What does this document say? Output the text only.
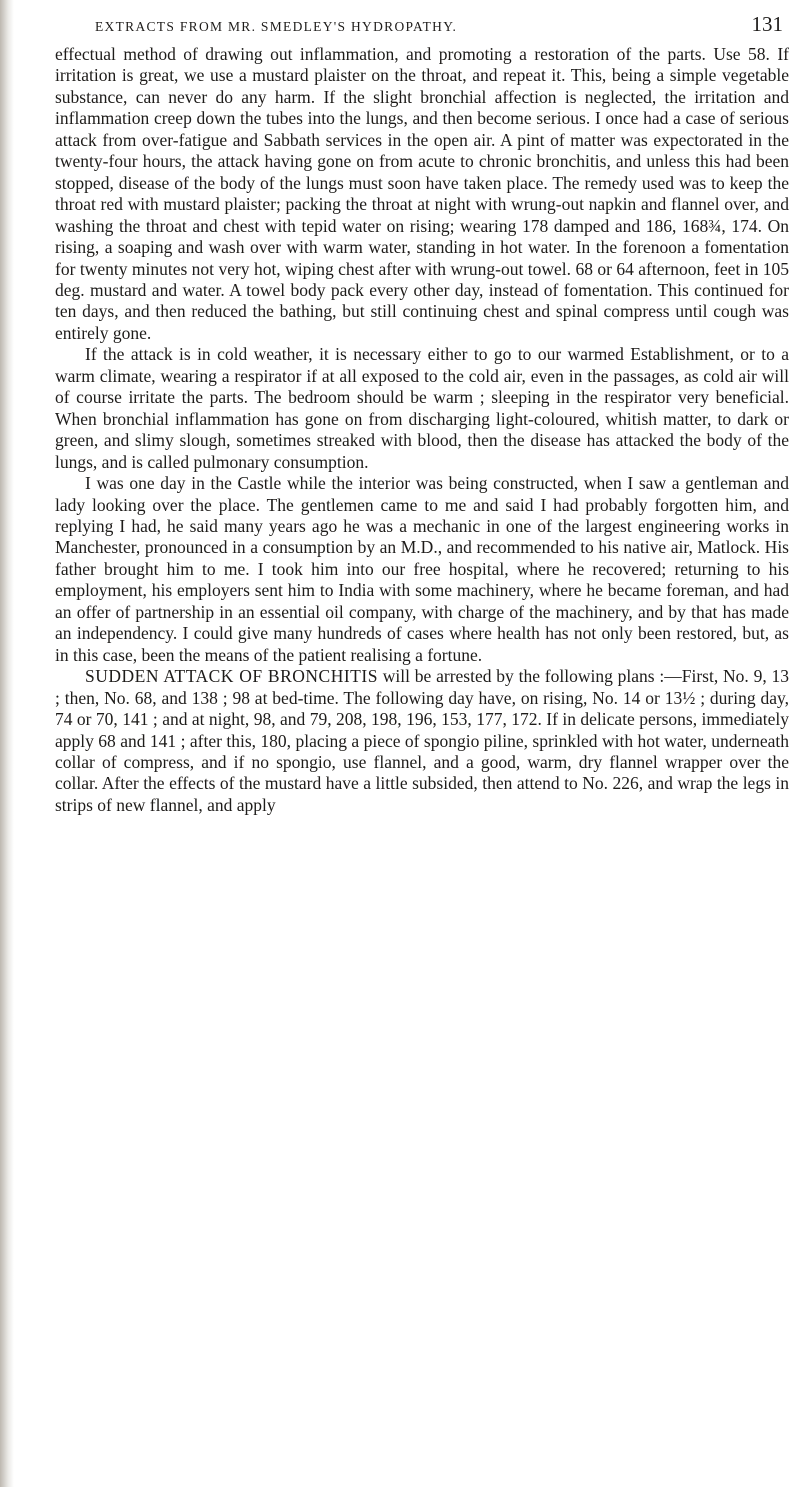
EXTRACTS FROM MR. SMEDLEY'S HYDROPATHY.	131

effectual method of drawing out inflammation, and promoting a restoration of the parts. Use 58. If irritation is great, we use a mustard plaister on the throat, and repeat it. This, being a simple vegetable substance, can never do any harm. If the slight bronchial affection is neglected, the irritation and inflammation creep down the tubes into the lungs, and then become serious. I once had a case of serious attack from over-fatigue and Sabbath services in the open air. A pint of matter was expectorated in the twenty-four hours, the attack having gone on from acute to chronic bronchitis, and unless this had been stopped, disease of the body of the lungs must soon have taken place. The remedy used was to keep the throat red with mustard plaister; packing the throat at night with wrung-out napkin and flannel over, and washing the throat and chest with tepid water on rising; wearing 178 damped and 186, 168¾, 174. On rising, a soaping and wash over with warm water, standing in hot water. In the forenoon a fomentation for twenty minutes not very hot, wiping chest after with wrung-out towel. 68 or 64 afternoon, feet in 105 deg. mustard and water. A towel body pack every other day, instead of fomentation. This continued for ten days, and then reduced the bathing, but still continuing chest and spinal compress until cough was entirely gone.

If the attack is in cold weather, it is necessary either to go to our warmed Establishment, or to a warm climate, wearing a respirator if at all exposed to the cold air, even in the passages, as cold air will of course irritate the parts. The bedroom should be warm ; sleeping in the respirator very beneficial. When bronchial inflammation has gone on from discharging light-coloured, whitish matter, to dark or green, and slimy slough, sometimes streaked with blood, then the disease has attacked the body of the lungs, and is called pulmonary consumption.

I was one day in the Castle while the interior was being constructed, when I saw a gentleman and lady looking over the place. The gentlemen came to me and said I had probably forgotten him, and replying I had, he said many years ago he was a mechanic in one of the largest engineering works in Manchester, pronounced in a consumption by an M.D., and recommended to his native air, Matlock. His father brought him to me. I took him into our free hospital, where he recovered; returning to his employment, his employers sent him to India with some machinery, where he became foreman, and had an offer of partnership in an essential oil company, with charge of the machinery, and by that has made an independency. I could give many hundreds of cases where health has not only been restored, but, as in this case, been the means of the patient realising a fortune.

SUDDEN ATTACK OF BRONCHITIS will be arrested by the following plans :—First, No. 9, 13 ; then, No. 68, and 138 ; 98 at bed-time. The following day have, on rising, No. 14 or 13½ ; during day, 74 or 70, 141 ; and at night, 98, and 79, 208, 198, 196, 153, 177, 172. If in delicate persons, immediately apply 68 and 141 ; after this, 180, placing a piece of spongio piline, sprinkled with hot water, underneath collar of compress, and if no spongio, use flannel, and a good, warm, dry flannel wrapper over the collar. After the effects of the mustard have a little subsided, then attend to No. 226, and wrap the legs in strips of new flannel, and apply
